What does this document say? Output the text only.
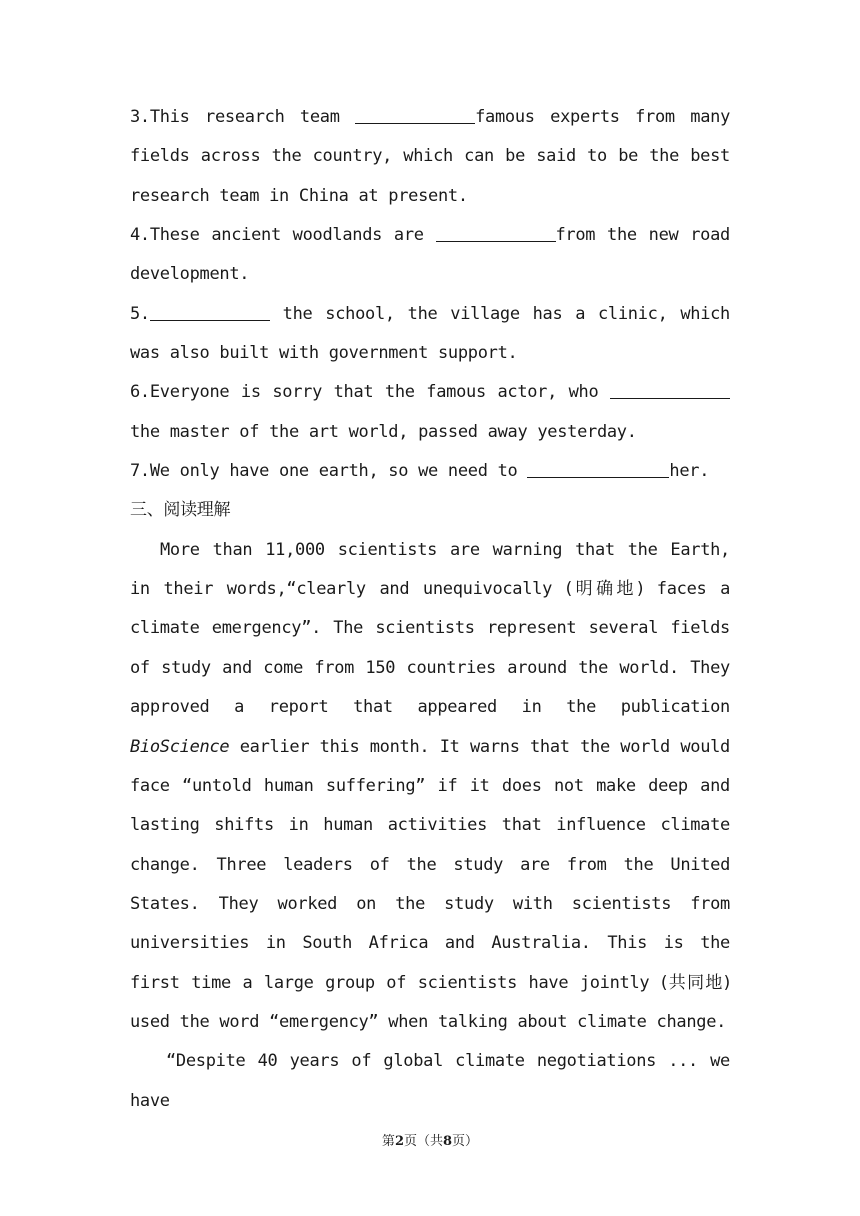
3.This research team	famous experts from many fields across the country, which can be said to be the best research team in China at present.

4.These ancient woodlands are	from the new road development.

5.	the school, the village has a clinic, which was also built with government support.

6.Everyone is sorry that the famous actor, who the master of the art world, passed away yesterday.

7.We only have one earth, so we need to	her.

三、阅读理解

More than 11,000 scientists are warning that the Earth, in their words,“clearly and unequivocally (明确地) faces a climate emergency”. The scientists represent several fields of study and come from 150 countries around the world. They approved a report that appeared in the publication BioScience earlier this month. It warns that the world would face “untold human suffering” if it does not make deep and lasting shifts in human activities that influence climate change. Three leaders of the study are from the United States. They worked on the study with scientists from universities in South Africa and Australia. This is the first time a large group of scientists have jointly (共同地) used the word “emergency” when talking about climate change.

“Despite 40 years of global climate negotiations ... we have

第2页（共8页）
